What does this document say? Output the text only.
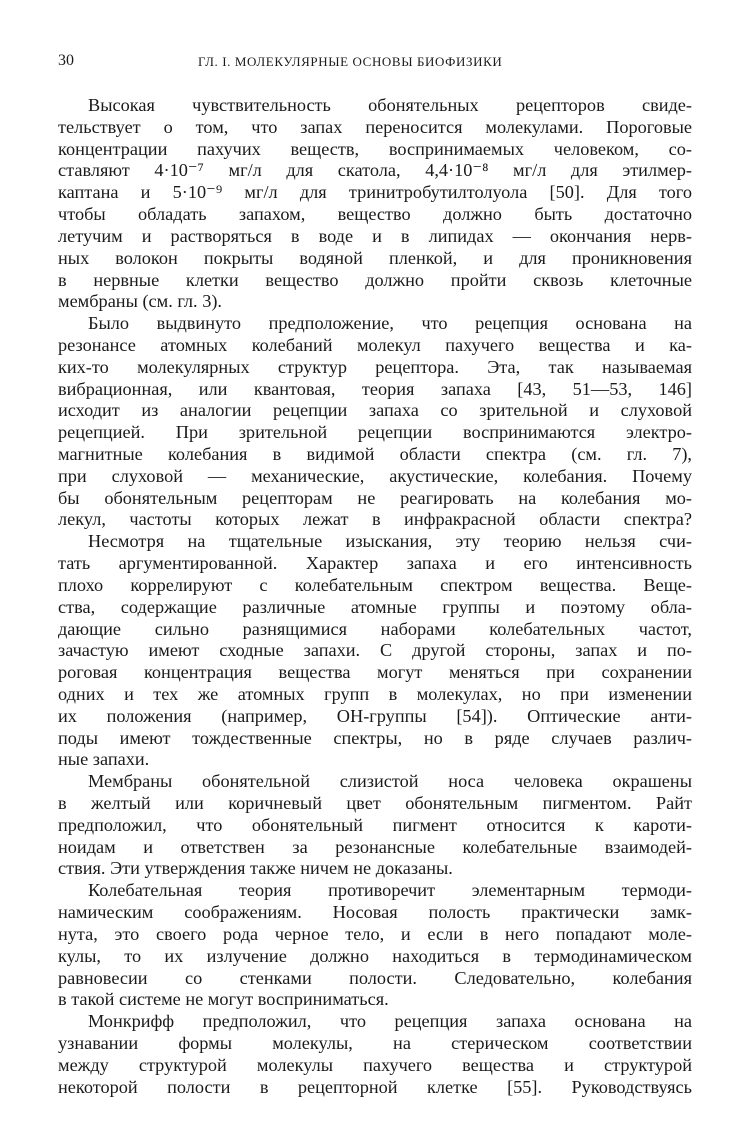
30	ГЛ. I. МОЛЕКУЛЯРНЫЕ ОСНОВЫ БИОФИЗИКИ
Высокая чувствительность обонятельных рецепторов свиде-
тельствует о том, что запах переносится молекулами. Пороговые
концентрации пахучих веществ, воспринимаемых человеком, со-
ставляют 4·10⁻⁷ мг/л для скатола, 4,4·10⁻⁸ мг/л для этилмер-
каптана и 5·10⁻⁹ мг/л для тринитробутилтолуола [50]. Для того
чтобы обладать запахом, вещество должно быть достаточно
летучим и растворяться в воде и в липидах — окончания нерв-
ных волокон покрыты водяной пленкой, и для проникновения
в нервные клетки вещество должно пройти сквозь клеточные
мембраны (см. гл. 3).
Было выдвинуто предположение, что рецепция основана на
резонансе атомных колебаний молекул пахучего вещества и ка-
ких-то молекулярных структур рецептора. Эта, так называемая
вибрационная, или квантовая, теория запаха [43, 51—53, 146]
исходит из аналогии рецепции запаха со зрительной и слуховой
рецепцией. При зрительной рецепции воспринимаются электро-
магнитные колебания в видимой области спектра (см. гл. 7),
при слуховой — механические, акустические, колебания. Почему
бы обонятельным рецепторам не реагировать на колебания мо-
лекул, частоты которых лежат в инфракрасной области спектра?
Несмотря на тщательные изыскания, эту теорию нельзя счи-
тать аргументированной. Характер запаха и его интенсивность
плохо коррелируют с колебательным спектром вещества. Веще-
ства, содержащие различные атомные группы и поэтому обла-
дающие сильно разнящимися наборами колебательных частот,
зачастую имеют сходные запахи. С другой стороны, запах и по-
роговая концентрация вещества могут меняться при сохранении
одних и тех же атомных групп в молекулах, но при изменении
их положения (например, ОН-группы [54]). Оптические анти-
поды имеют тождественные спектры, но в ряде случаев различ-
ные запахи.
Мембраны обонятельной слизистой носа человека окрашены
в желтый или коричневый цвет обонятельным пигментом. Райт
предположил, что обонятельный пигмент относится к кароти-
ноидам и ответствен за резонансные колебательные взаимодей-
ствия. Эти утверждения также ничем не доказаны.
Колебательная теория противоречит элементарным термоди-
намическим соображениям. Носовая полость практически замк-
нута, это своего рода черное тело, и если в него попадают моле-
кулы, то их излучение должно находиться в термодинамическом
равновесии со стенками полости. Следовательно, колебания
в такой системе не могут восприниматься.
Монкрифф предположил, что рецепция запаха основана на
узнавании формы молекулы, на стерическом соответствии
между структурой молекулы пахучего вещества и структурой
некоторой полости в рецепторной клетке [55]. Руководствуясь
